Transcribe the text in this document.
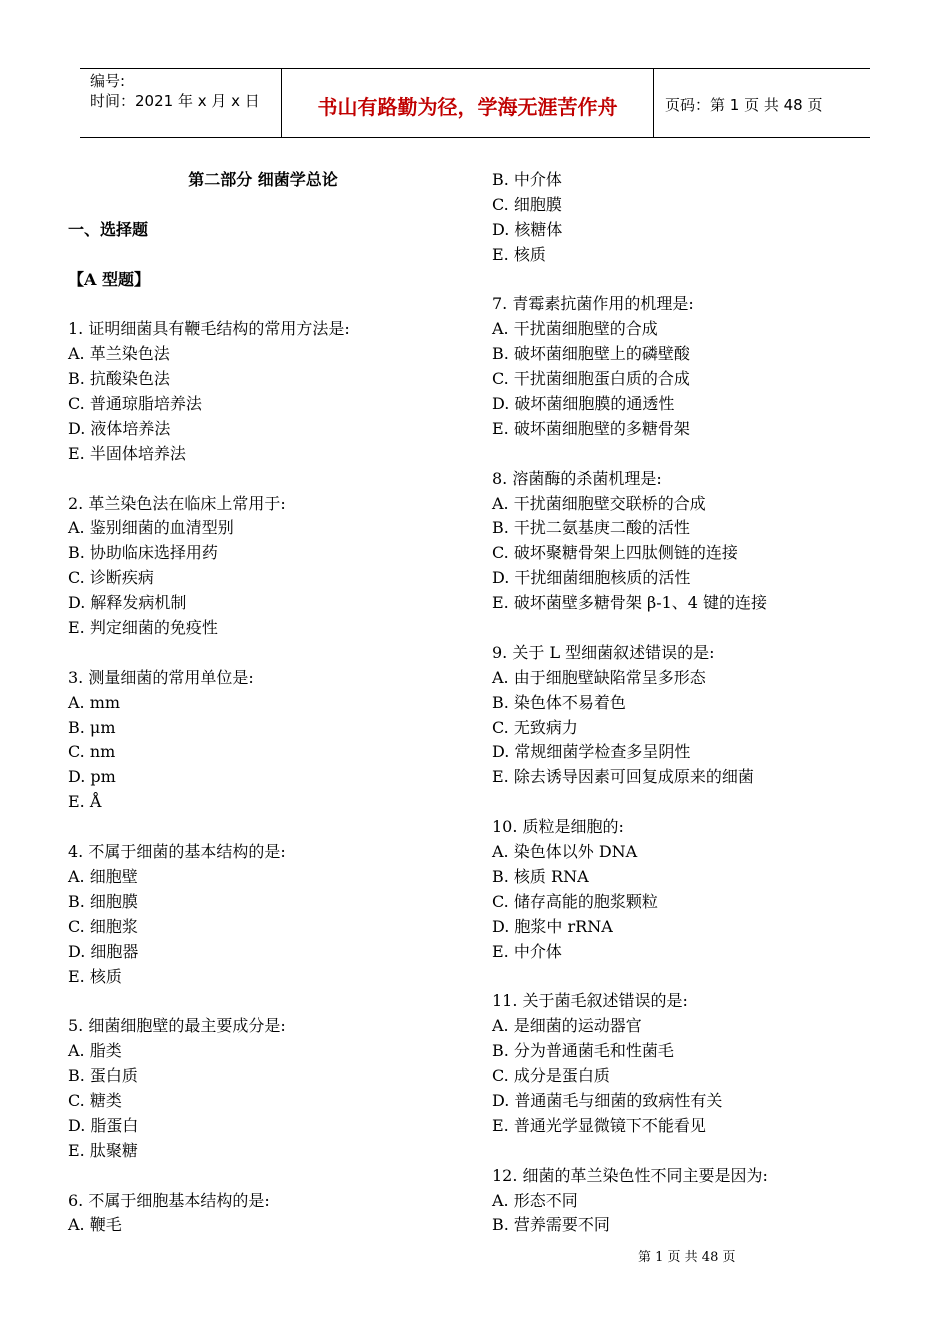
编号:
时间：2021 年 x 月 x 日	书山有路勤为径，学海无涯苦作舟	页码：第 1 页 共 48 页
第二部分 细菌学总论
一、选择题
【A 型题】
1. 证明细菌具有鞭毛结构的常用方法是:
A. 革兰染色法
B. 抗酸染色法
C. 普通琼脂培养法
D. 液体培养法
E. 半固体培养法
2. 革兰染色法在临床上常用于:
A. 鉴别细菌的血清型别
B. 协助临床选择用药
C. 诊断疾病
D. 解释发病机制
E. 判定细菌的免疫性
3. 测量细菌的常用单位是:
A. mm
B. μm
C. nm
D. pm
E. Å
4. 不属于细菌的基本结构的是:
A. 细胞壁
B. 细胞膜
C. 细胞浆
D. 细胞器
E. 核质
5. 细菌细胞壁的最主要成分是:
A. 脂类
B. 蛋白质
C. 糖类
D. 脂蛋白
E. 肽聚糖
6. 不属于细胞基本结构的是:
A. 鞭毛
B. 中介体
C. 细胞膜
D. 核糖体
E. 核质
7. 青霉素抗菌作用的机理是:
A. 干扰菌细胞壁的合成
B. 破坏菌细胞壁上的磷壁酸
C. 干扰菌细胞蛋白质的合成
D. 破坏菌细胞膜的通透性
E. 破坏菌细胞壁的多糖骨架
8. 溶菌酶的杀菌机理是:
A. 干扰菌细胞壁交联桥的合成
B. 干扰二氨基庚二酸的活性
C. 破坏聚糖骨架上四肽侧链的连接
D. 干扰细菌细胞核质的活性
E. 破坏菌壁多糖骨架 β-1、4 键的连接
9. 关于 L 型细菌叙述错误的是:
A. 由于细胞壁缺陷常呈多形态
B. 染色体不易着色
C. 无致病力
D. 常规细菌学检查多呈阴性
E. 除去诱导因素可回复成原来的细菌
10. 质粒是细胞的:
A. 染色体以外 DNA
B. 核质 RNA
C. 储存高能的胞浆颗粒
D. 胞浆中 rRNA
E. 中介体
11. 关于菌毛叙述错误的是:
A. 是细菌的运动器官
B. 分为普通菌毛和性菌毛
C. 成分是蛋白质
D. 普通菌毛与细菌的致病性有关
E. 普通光学显微镜下不能看见
12. 细菌的革兰染色性不同主要是因为:
A. 形态不同
B. 营养需要不同
第 1 页 共 48 页
